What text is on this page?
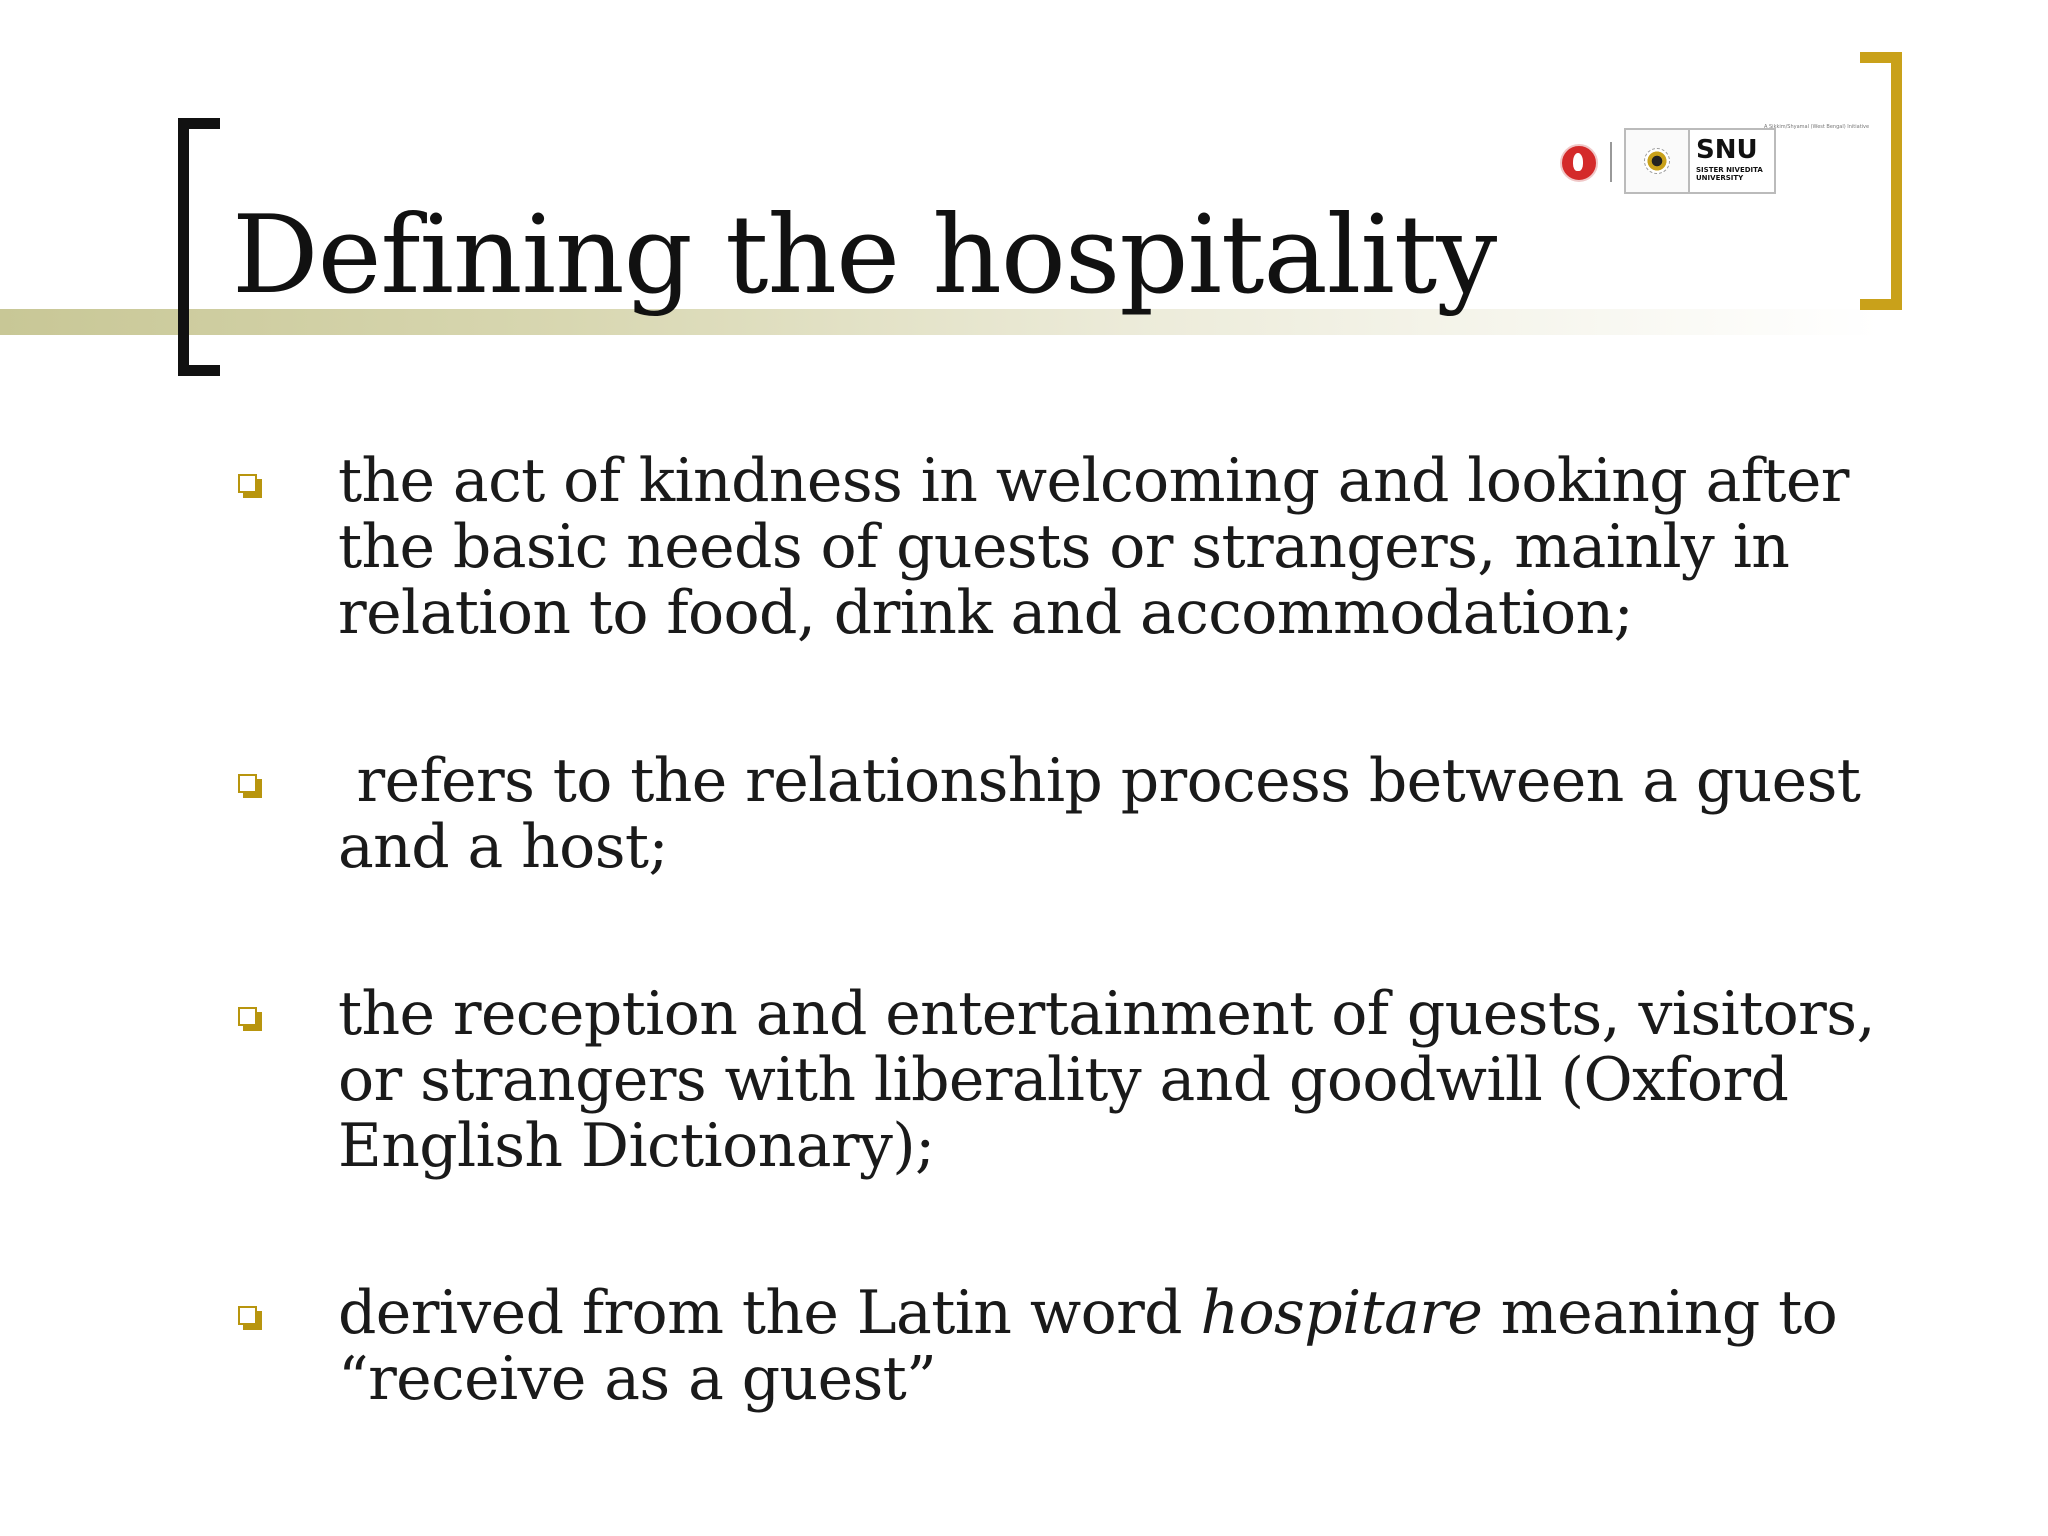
Defining the hospitality
A Sikkim/Shyamal (West Bengal) Initiative
SNU
SISTER NIVEDITA UNIVERSITY

the act of kindness in welcoming and looking after the basic needs of guests or strangers, mainly in relation to food, drink and accommodation;

refers to the relationship process between a guest and a host;

the reception and entertainment of guests, visitors, or strangers with liberality and goodwill (Oxford English Dictionary);

derived from the Latin word hospitare meaning to “receive as a guest”
